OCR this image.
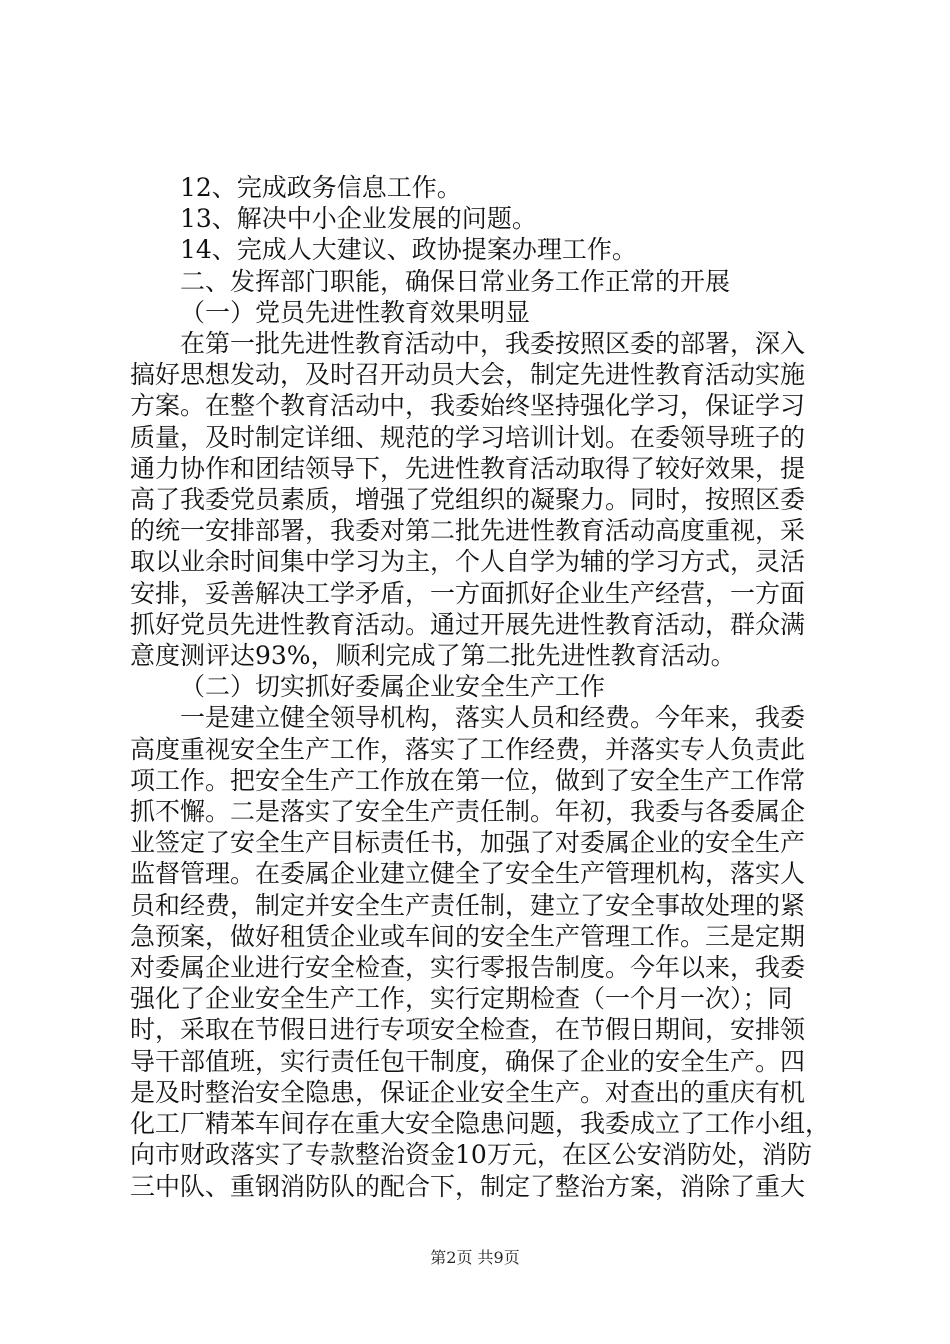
12、完成政务信息工作。
13、解决中小企业发展的问题。
14、完成人大建议、政协提案办理工作。
二、发挥部门职能，确保日常业务工作正常的开展
（一）党员先进性教育效果明显
在第一批先进性教育活动中，我委按照区委的部署，深入
搞好思想发动，及时召开动员大会，制定先进性教育活动实施
方案。在整个教育活动中，我委始终坚持强化学习，保证学习
质量，及时制定详细、规范的学习培训计划。在委领导班子的
通力协作和团结领导下，先进性教育活动取得了较好效果，提
高了我委党员素质，增强了党组织的凝聚力。同时，按照区委
的统一安排部署，我委对第二批先进性教育活动高度重视，采
取以业余时间集中学习为主，个人自学为辅的学习方式，灵活
安排，妥善解决工学矛盾，一方面抓好企业生产经营，一方面
抓好党员先进性教育活动。通过开展先进性教育活动，群众满
意度测评达93%，顺利完成了第二批先进性教育活动。
（二）切实抓好委属企业安全生产工作
一是建立健全领导机构，落实人员和经费。今年来，我委
高度重视安全生产工作，落实了工作经费，并落实专人负责此
项工作。把安全生产工作放在第一位，做到了安全生产工作常
抓不懈。二是落实了安全生产责任制。年初，我委与各委属企
业签定了安全生产目标责任书，加强了对委属企业的安全生产
监督管理。在委属企业建立健全了安全生产管理机构，落实人
员和经费，制定并安全生产责任制，建立了安全事故处理的紧
急预案，做好租赁企业或车间的安全生产管理工作。三是定期
对委属企业进行安全检查，实行零报告制度。今年以来，我委
强化了企业安全生产工作，实行定期检查（一个月一次）；同
时，采取在节假日进行专项安全检查，在节假日期间，安排领
导干部值班，实行责任包干制度，确保了企业的安全生产。四
是及时整治安全隐患，保证企业安全生产。对查出的重庆有机
化工厂精苯车间存在重大安全隐患问题，我委成立了工作小组，
向市财政落实了专款整治资金10万元，在区公安消防处，消防
三中队、重钢消防队的配合下，制定了整治方案，消除了重大
第2页 共9页
